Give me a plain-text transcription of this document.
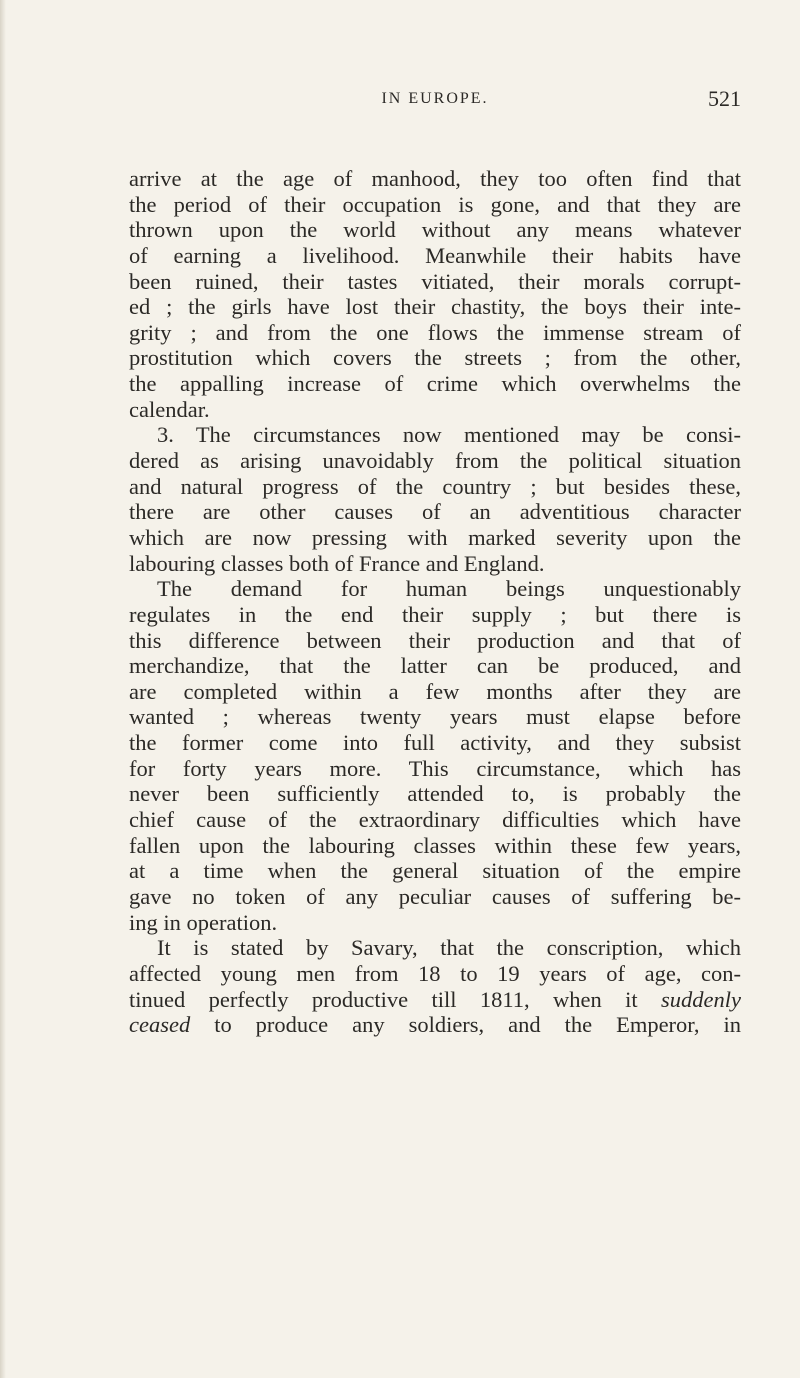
IN EUROPE.	521
arrive at the age of manhood, they too often find that
the period of their occupation is gone, and that they are
thrown upon the world without any means whatever
of earning a livelihood. Meanwhile their habits have
been ruined, their tastes vitiated, their morals corrupt-
ed ; the girls have lost their chastity, the boys their inte-
grity ; and from the one flows the immense stream of
prostitution which covers the streets ; from the other,
the appalling increase of crime which overwhelms the
calendar.
3. The circumstances now mentioned may be consi-
dered as arising unavoidably from the political situation
and natural progress of the country ; but besides these,
there are other causes of an adventitious character
which are now pressing with marked severity upon the
labouring classes both of France and England.
The demand for human beings unquestionably
regulates in the end their supply ; but there is
this difference between their production and that of
merchandize, that the latter can be produced, and
are completed within a few months after they are
wanted ; whereas twenty years must elapse before
the former come into full activity, and they subsist
for forty years more. This circumstance, which has
never been sufficiently attended to, is probably the
chief cause of the extraordinary difficulties which have
fallen upon the labouring classes within these few years,
at a time when the general situation of the empire
gave no token of any peculiar causes of suffering be-
ing in operation.
It is stated by Savary, that the conscription, which
affected young men from 18 to 19 years of age, con-
tinued perfectly productive till 1811, when it suddenly
ceased to produce any soldiers, and the Emperor, in
